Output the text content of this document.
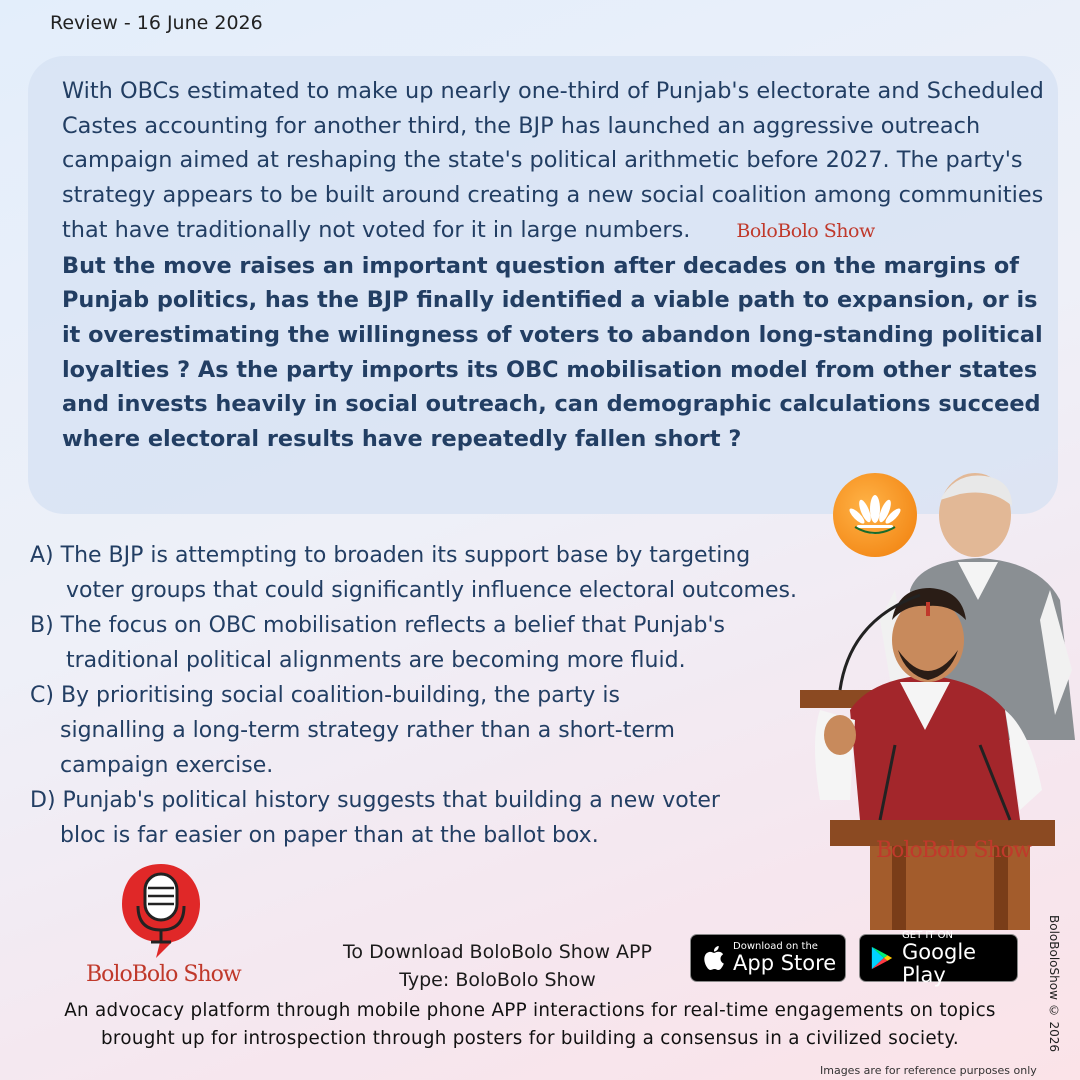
Review - 16 June 2026

With OBCs estimated to make up nearly one-third of Punjab's electorate and Scheduled Castes accounting for another third, the BJP has launched an aggressive outreach campaign aimed at reshaping the state's political arithmetic before 2027. The party's strategy appears to be built around creating a new social coalition among communities that have traditionally not voted for it in large numbers. BoloBolo Show

But the move raises an important question after decades on the margins of Punjab politics, has the BJP finally identified a viable path to expansion, or is it overestimating the willingness of voters to abandon long-standing political loyalties ? As the party imports its OBC mobilisation model from other states and invests heavily in social outreach, can demographic calculations succeed where electoral results have repeatedly fallen short ?

A) The BJP is attempting to broaden its support base by targeting
voter groups that could significantly influence electoral outcomes.

B) The focus on OBC mobilisation reflects a belief that Punjab's
traditional political alignments are becoming more fluid.

C) By prioritising social coalition-building, the party is
signalling a long-term strategy rather than a short-term
campaign exercise.

D) Punjab's political history suggests that building a new voter
bloc is far easier on paper than at the ballot box.

BoloBolo Show
BoloBolo Show
To Download BoloBolo Show APP
Type: BoloBolo Show
Download on the
App Store
GET IT ON
Google Play
An advocacy platform through mobile phone APP interactions for real-time engagements on topics brought up for introspection through posters for building a consensus in a civilized society.	BoloBoloShow © 2026
Images are for reference purposes only
